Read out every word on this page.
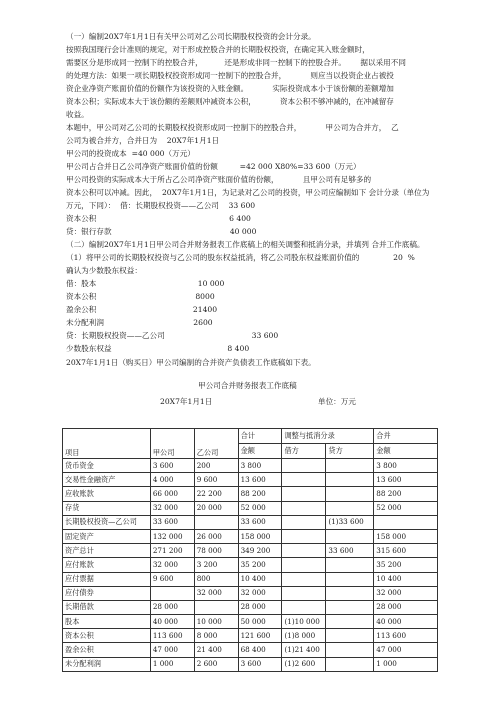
（一）编制20X7年1月1日有关甲公司对乙公司长期股权投资的会计分录。
按照我国现行会计准则的规定，对于形成控股合并的长期股权投资，在确定其入账金额时，
需要区分是形成同一控制下的控股合并，         还是形成非同一控制下的控股合并。      据以采用不同
的处理方法：如果一项长期股权投资形成同一控制下的控股合并，          则应当以投资企业占被投
资企业净资产账面价值的份额作为该投资的入账金额。          实际投资成本小于该份额的差额增加
资本公积；实际成本大于该份额的差额则冲减资本公积，          资本公积不够冲减的，在冲减留存
收益。
本题中，甲公司对乙公司的长期股权投资形成同一控制下的控股合并，          甲公司为合并方，  乙
公司为被合并方，合并日为    20X7年1月1日
甲公司的投资成本  =40 000（万元）
甲公司占合并日乙公司净资产账面价值的份额         =42 000 X80%=33 600（万元）
甲公司投资的实际成本大于所占乙公司净资产账面价值的份额，          且甲公司有足够多的
资本公积可以冲减。因此，  20X7年1月1日，为记录对乙公司的投资，甲公司应编制如下 会计分录（单位为
万元，下同）：  借：长期股权投资——乙公司    33 600
资本公积                                                       6 400
贷：银行存款                                                 40 000
（二）编制20X7年1月1日甲公司合并财务报表工作底稿上的相关调整和抵消分录，并填列 合并工作底稿。
（1）将甲公司的长期股权投资与乙公司的股东权益抵消，将乙公司股东权益账面价值的              20  %
确认为少数股东权益：
借：股本                                          10 000
资本公积                                         8000
盈余公积                                        21400
未分配利润                                     2600
贷：长期股权投资——乙公司                                    33 600
少数股东权益                                                8 400
20X7年1月1日（购买日）甲公司编制的合并资产负债表工作底稿如下表。
甲公司合并财务报表工作底稿
20X7年1月1日	单位：万元
项目	甲公司	乙公司	合计	调整与抵消分录		合并
			金额	借方	贷方	金额
货币资金	3 600	200	3 800			3 800
交易性金融资产	4 000	9 600	13 600			13 600
应收账款	66 000	22 200	88 200			88 200
存货	32 000	20 000	52 000			52 000
长期股权投资—乙公司	33 600		33 600		(1)33 600	
固定资产	132 000	26 000	158 000			158 000
资产总计	271 200	78 000	349 200		33 600	315 600
应付账款	32 000	3 200	35 200			35 200
应付票据	9 600	800	10 400			10 400
应付债券		32 000	32 000			32 000
长期借款	28 000		28 000			28 000
股本	40 000	10 000	50 000	(1)10 000		40 000
资本公积	113 600	8 000	121 600	(1)8 000		113 600
盈余公积	47 000	21 400	68 400	(1)21 400		47 000
未分配利润	1 000	2 600	3 600	(1)2 600		1 000
